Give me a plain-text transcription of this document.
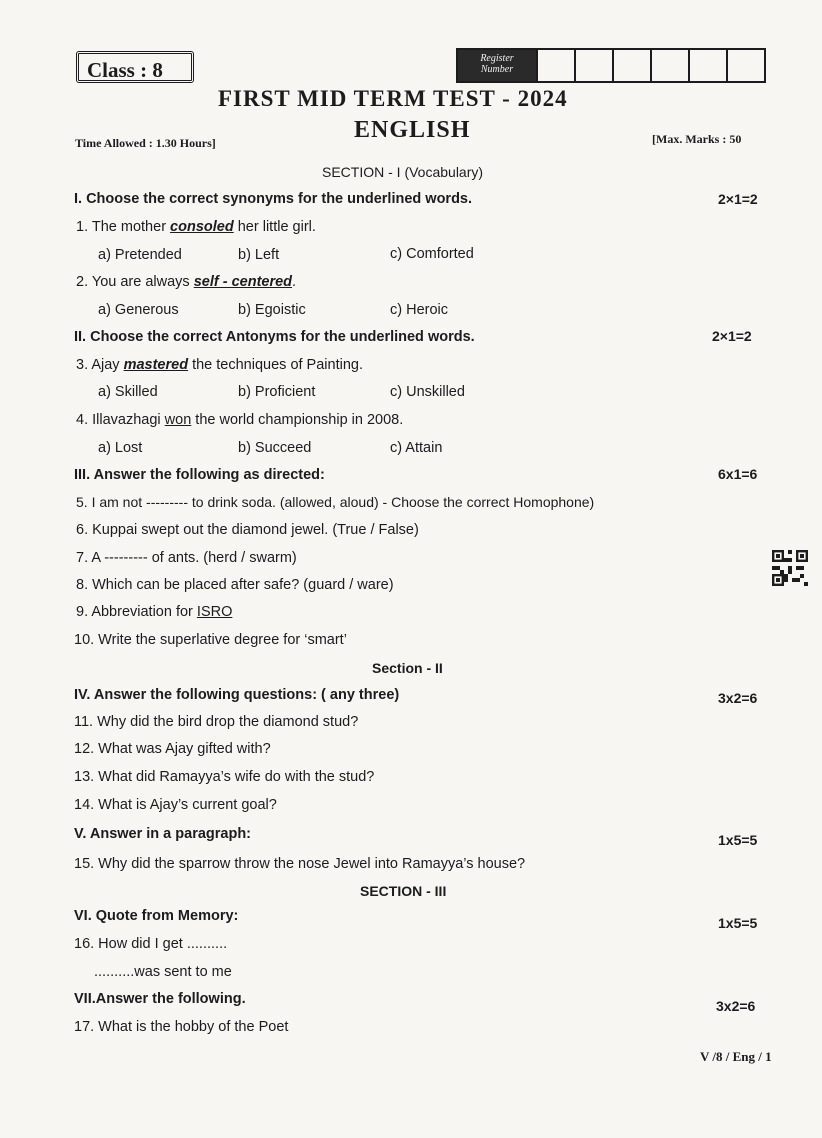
Class : 8	Register
Number
FIRST MID TERM TEST - 2024
Time Allowed : 1.30 Hours]	ENGLISH	[Max. Marks : 50
SECTION - I (Vocabulary)
I. Choose the correct synonyms for the underlined words.	2×1=2
1. The mother consoled her little girl.
a) Pretended	b) Left	c) Comforted
2. You are always self - centered.
a) Generous	b) Egoistic	c) Heroic
II. Choose the correct Antonyms for the underlined words.	2×1=2
3. Ajay mastered the techniques of Painting.
a) Skilled	b) Proficient	c) Unskilled
4. Illavazhagi won the world championship in 2008.
a) Lost	b) Succeed	c) Attain
III. Answer the following as directed:	6x1=6
5. I am not --------- to drink soda. (allowed, aloud) - Choose the correct Homophone)
6. Kuppai swept out the diamond jewel. (True / False)
7. A --------- of ants. (herd / swarm)
8. Which can be placed after safe? (guard / ware)
9. Abbreviation for ISRO
10. Write the superlative degree for ‘smart’
Section - II
IV. Answer the following questions: ( any three)	3x2=6
11. Why did the bird drop the diamond stud?
12. What was Ajay gifted with?
13. What did Ramayya’s wife do with the stud?
14. What is Ajay’s current goal?
V. Answer in a paragraph:	1x5=5
15. Why did the sparrow throw the nose Jewel into Ramayya’s house?
SECTION - III
VI. Quote from Memory:	1x5=5
16. How did I get ..........
..........was sent to me
VII.Answer the following.	3x2=6
17. What is the hobby of the Poet
V /8 / Eng / 1
